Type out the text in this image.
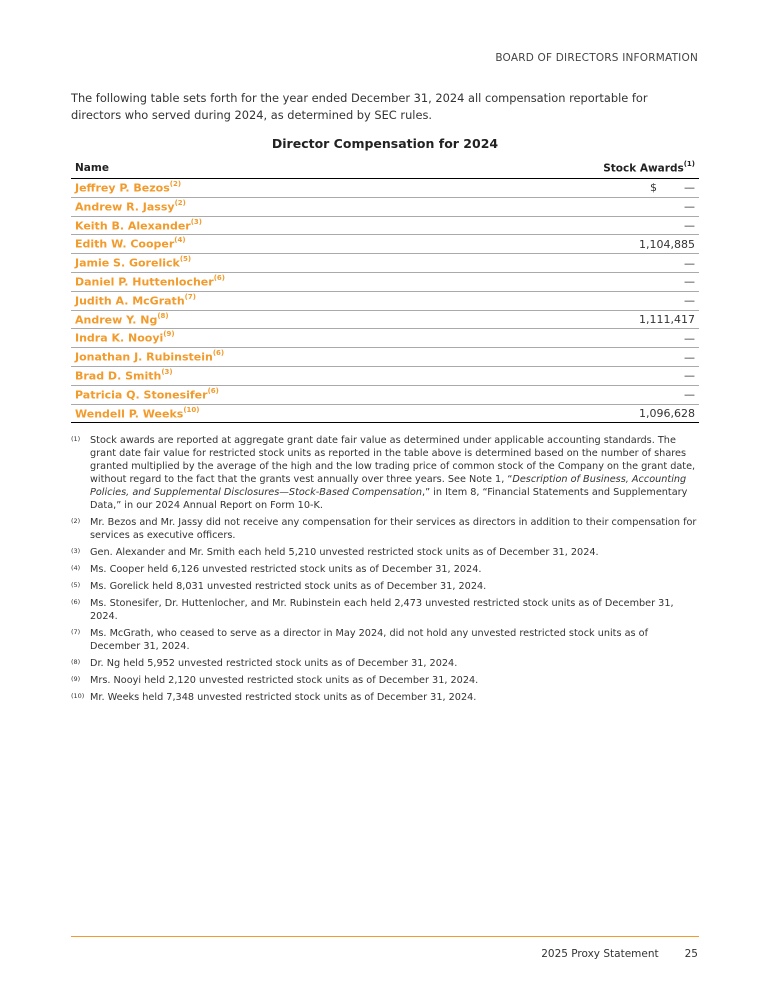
BOARD OF DIRECTORS INFORMATION

The following table sets forth for the year ended December 31, 2024 all compensation reportable for directors who served during 2024, as determined by SEC rules.

Director Compensation for 2024
Name	Stock Awards$^{(1)}$
Jeffrey P. Bezos$^{(2)}$	$ —
Andrew R. Jassy$^{(2)}$	—
Keith B. Alexander$^{(3)}$	—
Edith W. Cooper$^{(4)}$	1,104,885
Jamie S. Gorelick$^{(5)}$	—
Daniel P. Huttenlocher$^{(6)}$	—
Judith A. McGrath$^{(7)}$	—
Andrew Y. Ng$^{(8)}$	1,111,417
Indra K. Nooyi$^{(9)}$	—
Jonathan J. Rubinstein$^{(6)}$	—
Brad D. Smith$^{(3)}$	—
Patricia Q. Stonesifer$^{(6)}$	—
Wendell P. Weeks$^{(10)}$	1,096,628
(1)	Stock awards are reported at aggregate grant date fair value as determined under applicable accounting standards. The grant date fair value for restricted stock units as reported in the table above is determined based on the number of shares granted multiplied by the average of the high and the low trading price of common stock of the Company on the grant date, without regard to the fact that the grants vest annually over three years. See Note 1, “Description of Business, Accounting Policies, and Supplemental Disclosures—Stock-Based Compensation,” in Item 8, “Financial Statements and Supplementary Data,” in our 2024 Annual Report on Form 10-K.
(2)	Mr. Bezos and Mr. Jassy did not receive any compensation for their services as directors in addition to their compensation for services as executive officers.
(3)	Gen. Alexander and Mr. Smith each held 5,210 unvested restricted stock units as of December 31, 2024.
(4)	Ms. Cooper held 6,126 unvested restricted stock units as of December 31, 2024.
(5)	Ms. Gorelick held 8,031 unvested restricted stock units as of December 31, 2024.
(6)	Ms. Stonesifer, Dr. Huttenlocher, and Mr. Rubinstein each held 2,473 unvested restricted stock units as of December 31, 2024.
(7)	Ms. McGrath, who ceased to serve as a director in May 2024, did not hold any unvested restricted stock units as of December 31, 2024.
(8)	Dr. Ng held 5,952 unvested restricted stock units as of December 31, 2024.
(9)	Mrs. Nooyi held 2,120 unvested restricted stock units as of December 31, 2024.
(10) Mr. Weeks held 7,348 unvested restricted stock units as of December 31, 2024.
2025 Proxy Statement 25
